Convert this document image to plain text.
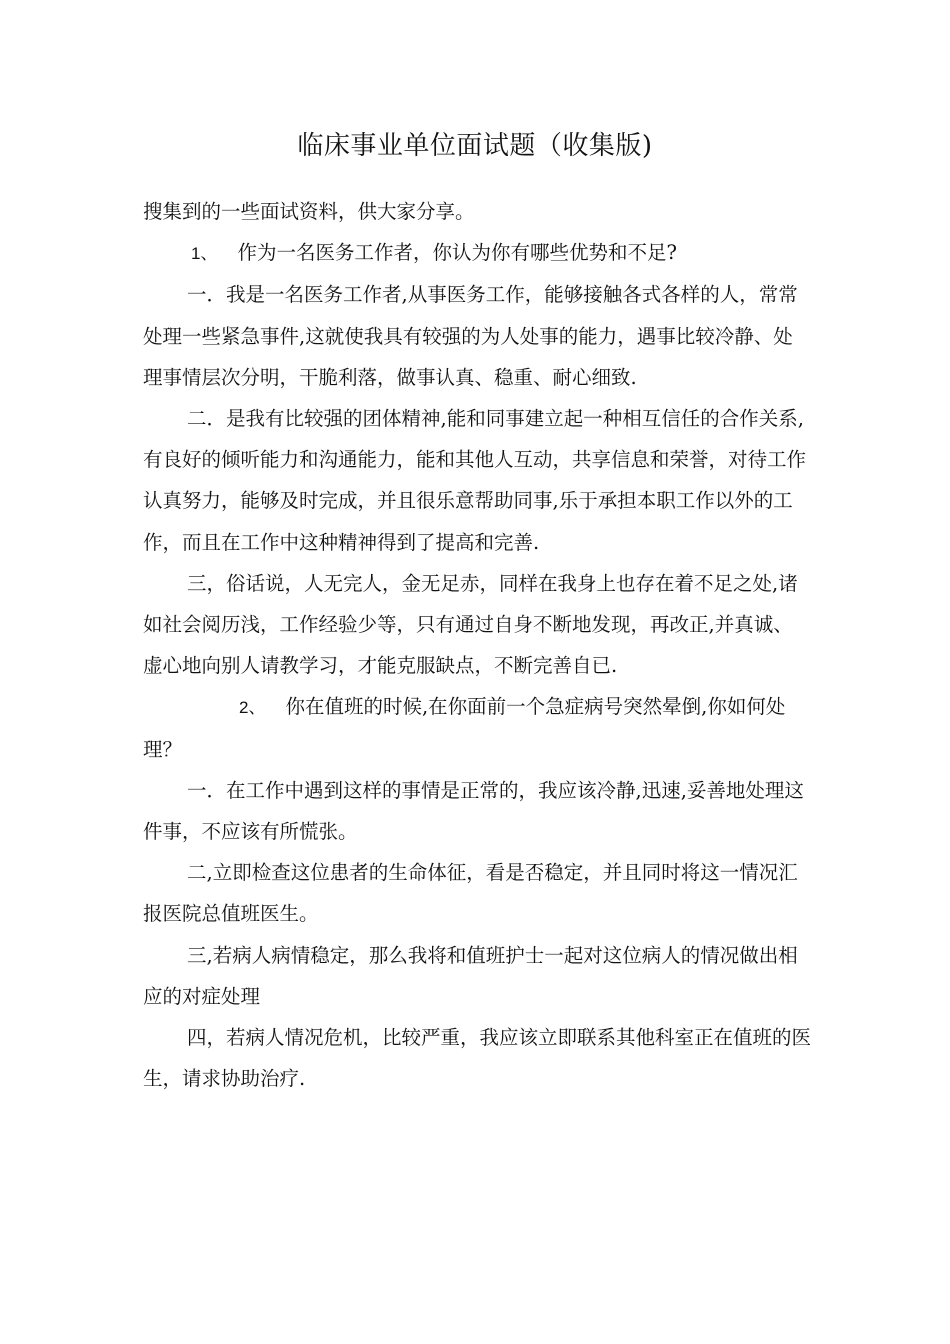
临床事业单位面试题（收集版)

搜集到的一些面试资料，供大家分享。

1、 作为一名医务工作者，你认为你有哪些优势和不足?

一．我是一名医务工作者,从事医务工作，能够接触各式各样的人，常常处理一些紧急事件,这就使我具有较强的为人处事的能力，遇事比较冷静、处理事情层次分明，干脆利落，做事认真、稳重、耐心细致.

二．是我有比较强的团体精神,能和同事建立起一种相互信任的合作关系,有良好的倾听能力和沟通能力，能和其他人互动，共享信息和荣誉，对待工作认真努力，能够及时完成，并且很乐意帮助同事,乐于承担本职工作以外的工作，而且在工作中这种精神得到了提高和完善.

三，俗话说，人无完人，金无足赤，同样在我身上也存在着不足之处,诸如社会阅历浅，工作经验少等，只有通过自身不断地发现，再改正,并真诚、虚心地向别人请教学习，才能克服缺点，不断完善自已.

2、 你在值班的时候,在你面前一个急症病号突然晕倒,你如何处理？

一．在工作中遇到这样的事情是正常的，我应该冷静,迅速,妥善地处理这件事，不应该有所慌张。

二,立即检查这位患者的生命体征，看是否稳定，并且同时将这一情况汇报医院总值班医生。

三,若病人病情稳定，那么我将和值班护士一起对这位病人的情况做出相应的对症处理

四，若病人情况危机，比较严重，我应该立即联系其他科室正在值班的医生，请求协助治疗.
